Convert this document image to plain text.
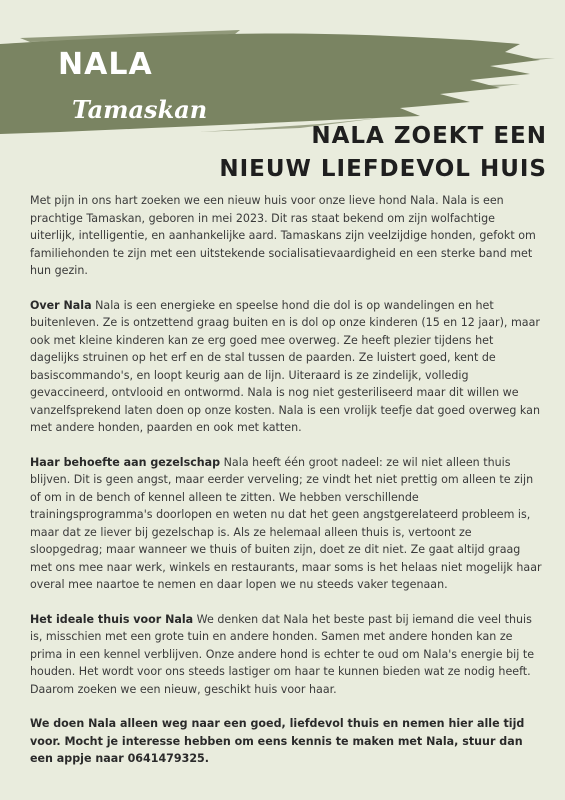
NALA
Tamaskan
NALA ZOEKT EEN NIEUW LIEFDEVOL HUIS

Met pijn in ons hart zoeken we een nieuw huis voor onze lieve hond Nala. Nala is een prachtige Tamaskan, geboren in mei 2023. Dit ras staat bekend om zijn wolfachtige uiterlijk, intelligentie, en aanhankelijke aard. Tamaskans zijn veelzijdige honden, gefokt om familiehonden te zijn met een uitstekende socialisatievaardigheid en een sterke band met hun gezin.

Over Nala Nala is een energieke en speelse hond die dol is op wandelingen en het buitenleven. Ze is ontzettend graag buiten en is dol op onze kinderen (15 en 12 jaar), maar ook met kleine kinderen kan ze erg goed mee overweg. Ze heeft plezier tijdens het dagelijks struinen op het erf en de stal tussen de paarden. Ze luistert goed, kent de basiscommando's, en loopt keurig aan de lijn. Uiteraard is ze zindelijk, volledig gevaccineerd, ontvlooid en ontwormd. Nala is nog niet gesteriliseerd maar dit willen we vanzelfsprekend laten doen op onze kosten. Nala is een vrolijk teefje dat goed overweg kan met andere honden, paarden en ook met katten.

Haar behoefte aan gezelschap Nala heeft één groot nadeel: ze wil niet alleen thuis blijven. Dit is geen angst, maar eerder verveling; ze vindt het niet prettig om alleen te zijn of om in de bench of kennel alleen te zitten. We hebben verschillende trainingsprogramma's doorlopen en weten nu dat het geen angstgerelateerd probleem is, maar dat ze liever bij gezelschap is. Als ze helemaal alleen thuis is, vertoont ze sloopgedrag; maar wanneer we thuis of buiten zijn, doet ze dit niet. Ze gaat altijd graag met ons mee naar werk, winkels en restaurants, maar soms is het helaas niet mogelijk haar overal mee naartoe te nemen en daar lopen we nu steeds vaker tegenaan.

Het ideale thuis voor Nala We denken dat Nala het beste past bij iemand die veel thuis is, misschien met een grote tuin en andere honden. Samen met andere honden kan ze prima in een kennel verblijven. Onze andere hond is echter te oud om Nala's energie bij te houden. Het wordt voor ons steeds lastiger om haar te kunnen bieden wat ze nodig heeft. Daarom zoeken we een nieuw, geschikt huis voor haar.

We doen Nala alleen weg naar een goed, liefdevol thuis en nemen hier alle tijd voor. Mocht je interesse hebben om eens kennis te maken met Nala, stuur dan een appje naar 0641479325.
